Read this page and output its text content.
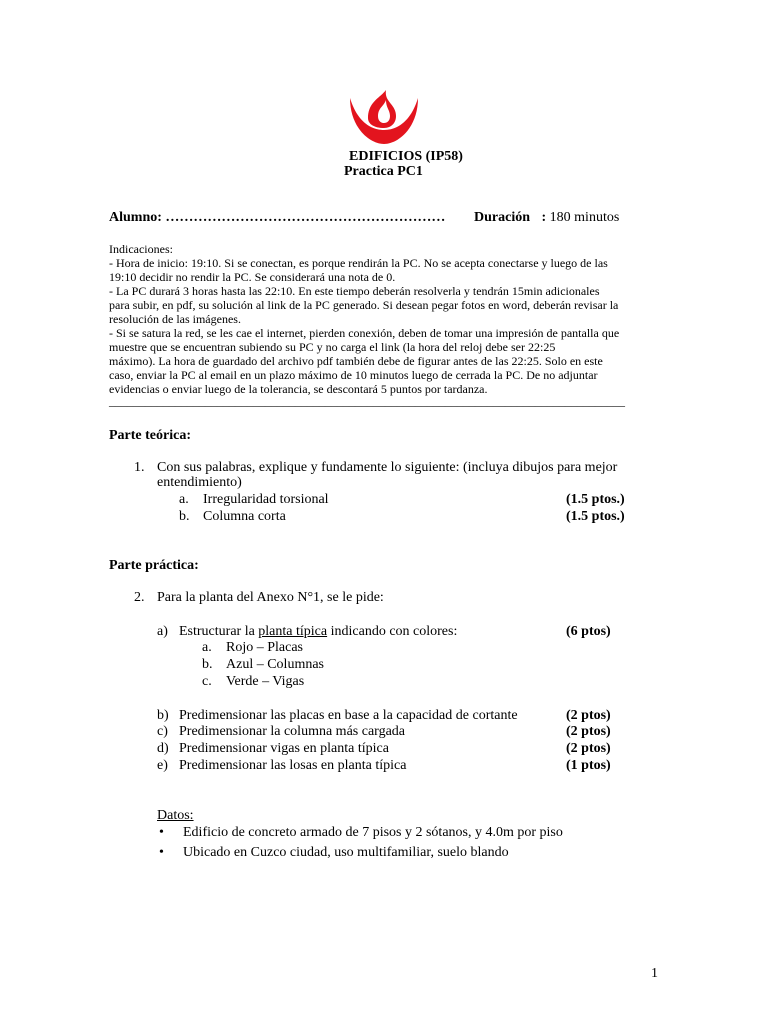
EDIFICIOS (IP58)
Practica PC1
Alumno: …………………………………………………… Duración : 180 minutos
Indicaciones:
- Hora de inicio: 19:10. Si se conectan, es porque rendirán la PC. No se acepta conectarse y luego de las
19:10 decidir no rendir la PC. Se considerará una nota de 0.
- La PC durará 3 horas hasta las 22:10. En este tiempo deberán resolverla y tendrán 15min adicionales
para subir, en pdf, su solución al link de la PC generado. Si desean pegar fotos en word, deberán revisar la
resolución de las imágenes.
- Si se satura la red, se les cae el internet, pierden conexión, deben de tomar una impresión de pantalla que
muestre que se encuentran subiendo su PC y no carga el link (la hora del reloj debe ser 22:25
máximo). La hora de guardado del archivo pdf también debe de figurar antes de las 22:25. Solo en este
caso, enviar la PC al email en un plazo máximo de 10 minutos luego de cerrada la PC. De no adjuntar
evidencias o enviar luego de la tolerancia, se descontará 5 puntos por tardanza.
______________________________________________________________________________________
Parte teórica:
1. Con sus palabras, explique y fundamente lo siguiente: (incluya dibujos para mejor
entendimiento)
a. Irregularidad torsional	(1.5 ptos.)
b. Columna corta	(1.5 ptos.)
Parte práctica:
2. Para la planta del Anexo N°1, se le pide:
a) Estructurar la planta típica indicando con colores:	(6 ptos)
a. Rojo – Placas
b. Azul – Columnas
c. Verde – Vigas
b) Predimensionar las placas en base a la capacidad de cortante	(2 ptos)
c) Predimensionar la columna más cargada	(2 ptos)
d) Predimensionar vigas en planta típica	(2 ptos)
e) Predimensionar las losas en planta típica	(1 ptos)
Datos:
• Edificio de concreto armado de 7 pisos y 2 sótanos, y 4.0m por piso
• Ubicado en Cuzco ciudad, uso multifamiliar, suelo blando
1
